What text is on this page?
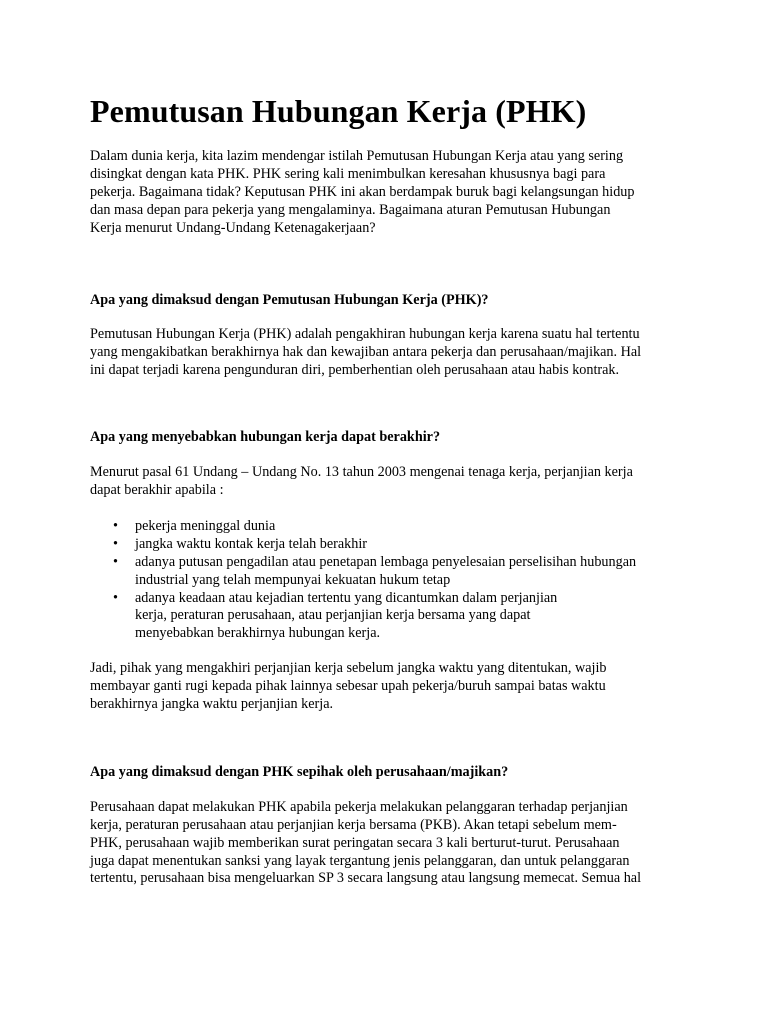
Pemutusan Hubungan Kerja (PHK)

Dalam dunia kerja, kita lazim mendengar istilah Pemutusan Hubungan Kerja atau yang sering
disingkat dengan kata PHK. PHK sering kali menimbulkan keresahan khususnya bagi para
pekerja. Bagaimana tidak? Keputusan PHK ini akan berdampak buruk bagi kelangsungan hidup
dan masa depan para pekerja yang mengalaminya. Bagaimana aturan Pemutusan Hubungan
Kerja menurut Undang-Undang Ketenagakerjaan?

Apa yang dimaksud dengan Pemutusan Hubungan Kerja (PHK)?

Pemutusan Hubungan Kerja (PHK) adalah pengakhiran hubungan kerja karena suatu hal tertentu
yang mengakibatkan berakhirnya hak dan kewajiban antara pekerja dan perusahaan/majikan. Hal
ini dapat terjadi karena pengunduran diri, pemberhentian oleh perusahaan atau habis kontrak.

Apa yang menyebabkan hubungan kerja dapat berakhir?

Menurut pasal 61 Undang – Undang No. 13 tahun 2003 mengenai tenaga kerja, perjanjian kerja
dapat berakhir apabila :

• pekerja meninggal dunia
• jangka waktu kontak kerja telah berakhir
• adanya putusan pengadilan atau penetapan lembaga penyelesaian perselisihan hubungan
industrial yang telah mempunyai kekuatan hukum tetap
• adanya keadaan atau kejadian tertentu yang dicantumkan dalam perjanjian
kerja, peraturan perusahaan, atau perjanjian kerja bersama yang dapat
menyebabkan berakhirnya hubungan kerja.

Jadi, pihak yang mengakhiri perjanjian kerja sebelum jangka waktu yang ditentukan, wajib
membayar ganti rugi kepada pihak lainnya sebesar upah pekerja/buruh sampai batas waktu
berakhirnya jangka waktu perjanjian kerja.

Apa yang dimaksud dengan PHK sepihak oleh perusahaan/majikan?

Perusahaan dapat melakukan PHK apabila pekerja melakukan pelanggaran terhadap perjanjian
kerja, peraturan perusahaan atau perjanjian kerja bersama (PKB). Akan tetapi sebelum mem-
PHK, perusahaan wajib memberikan surat peringatan secara 3 kali berturut-turut. Perusahaan
juga dapat menentukan sanksi yang layak tergantung jenis pelanggaran, dan untuk pelanggaran
tertentu, perusahaan bisa mengeluarkan SP 3 secara langsung atau langsung memecat. Semua hal
